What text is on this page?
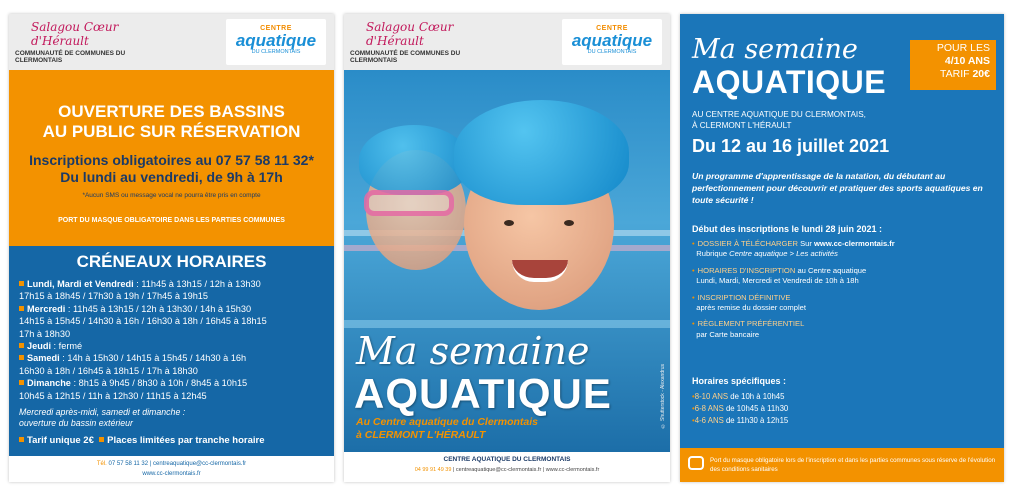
Salagou Cœur d'Hérault
COMMUNAUTÉ DE COMMUNES DU CLERMONTAIS
CENTRE
aquatique
DU CLERMONTAIS
OUVERTURE DES BASSINS
AU PUBLIC SUR RÉSERVATION
Inscriptions obligatoires au 07 57 58 11 32*
Du lundi au vendredi, de 9h à 17h
*Aucun SMS ou message vocal ne pourra être pris en compte
PORT DU MASQUE OBLIGATOIRE DANS LES PARTIES COMMUNES
CRÉNEAUX HORAIRES
Lundi, Mardi et Vendredi : 11h45 à 13h15 / 12h à 13h30
17h15 à 18h45 / 17h30 à 19h / 17h45 à 19h15
Mercredi : 11h45 à 13h15 / 12h à 13h30 / 14h à 15h30
14h15 à 15h45 / 14h30 à 16h / 16h30 à 18h / 16h45 à 18h15
17h à 18h30
Jeudi : fermé
Samedi : 14h à 15h30 / 14h15 à 15h45 / 14h30 à 16h
16h30 à 18h / 16h45 à 18h15 / 17h à 18h30
Dimanche : 8h15 à 9h45 / 8h30 à 10h / 8h45 à 10h15
10h45 à 12h15 / 11h à 12h30 / 11h15 à 12h45
Mercredi après-midi, samedi et dimanche :
ouverture du bassin extérieur
Tarif unique 2€ Places limitées par tranche horaire
Tél. 07 57 58 11 32 | centreaquatique@cc-clermontais.fr
www.cc-clermontais.fr
Salagou Cœur d'Hérault
COMMUNAUTÉ DE COMMUNES DU CLERMONTAIS
CENTRE
aquatique
DU CLERMONTAIS
Ma semaine
AQUATIQUE
Au Centre aquatique du Clermontais
à CLERMONT L'HÉRAULT
© Shutterstock - Alexandrus
CENTRE AQUATIQUE DU CLERMONTAIS
04 99 91 49 39 | centreaquatique@cc-clermontais.fr | www.cc-clermontais.fr
Ma semaine
AQUATIQUE
POUR LES
4/10 ANS
TARIF 20€
AU CENTRE AQUATIQUE DU CLERMONTAIS,
À CLERMONT L'HÉRAULT
Du 12 au 16 juillet 2021
Un programme d'apprentissage de la natation, du débutant au perfectionnement pour découvrir et pratiquer des sports aquatiques en toute sécurité !
Début des inscriptions le lundi 28 juin 2021 :
• DOSSIER À TÉLÉCHARGER Sur www.cc-clermontais.fr
Rubrique Centre aquatique > Les activités
• HORAIRES D'INSCRIPTION au Centre aquatique
Lundi, Mardi, Mercredi et Vendredi de 10h à 18h
• INSCRIPTION DÉFINITIVE
après remise du dossier complet
• RÈGLEMENT PRÉFÉRENTIEL
par Carte bancaire
Horaires spécifiques :
•8-10 ANS de 10h à 10h45
•6-8 ANS de 10h45 à 11h30
•4-6 ANS de 11h30 à 12h15
Port du masque obligatoire lors de l'inscription et dans les parties communes sous réserve de l'évolution des conditions sanitaires
